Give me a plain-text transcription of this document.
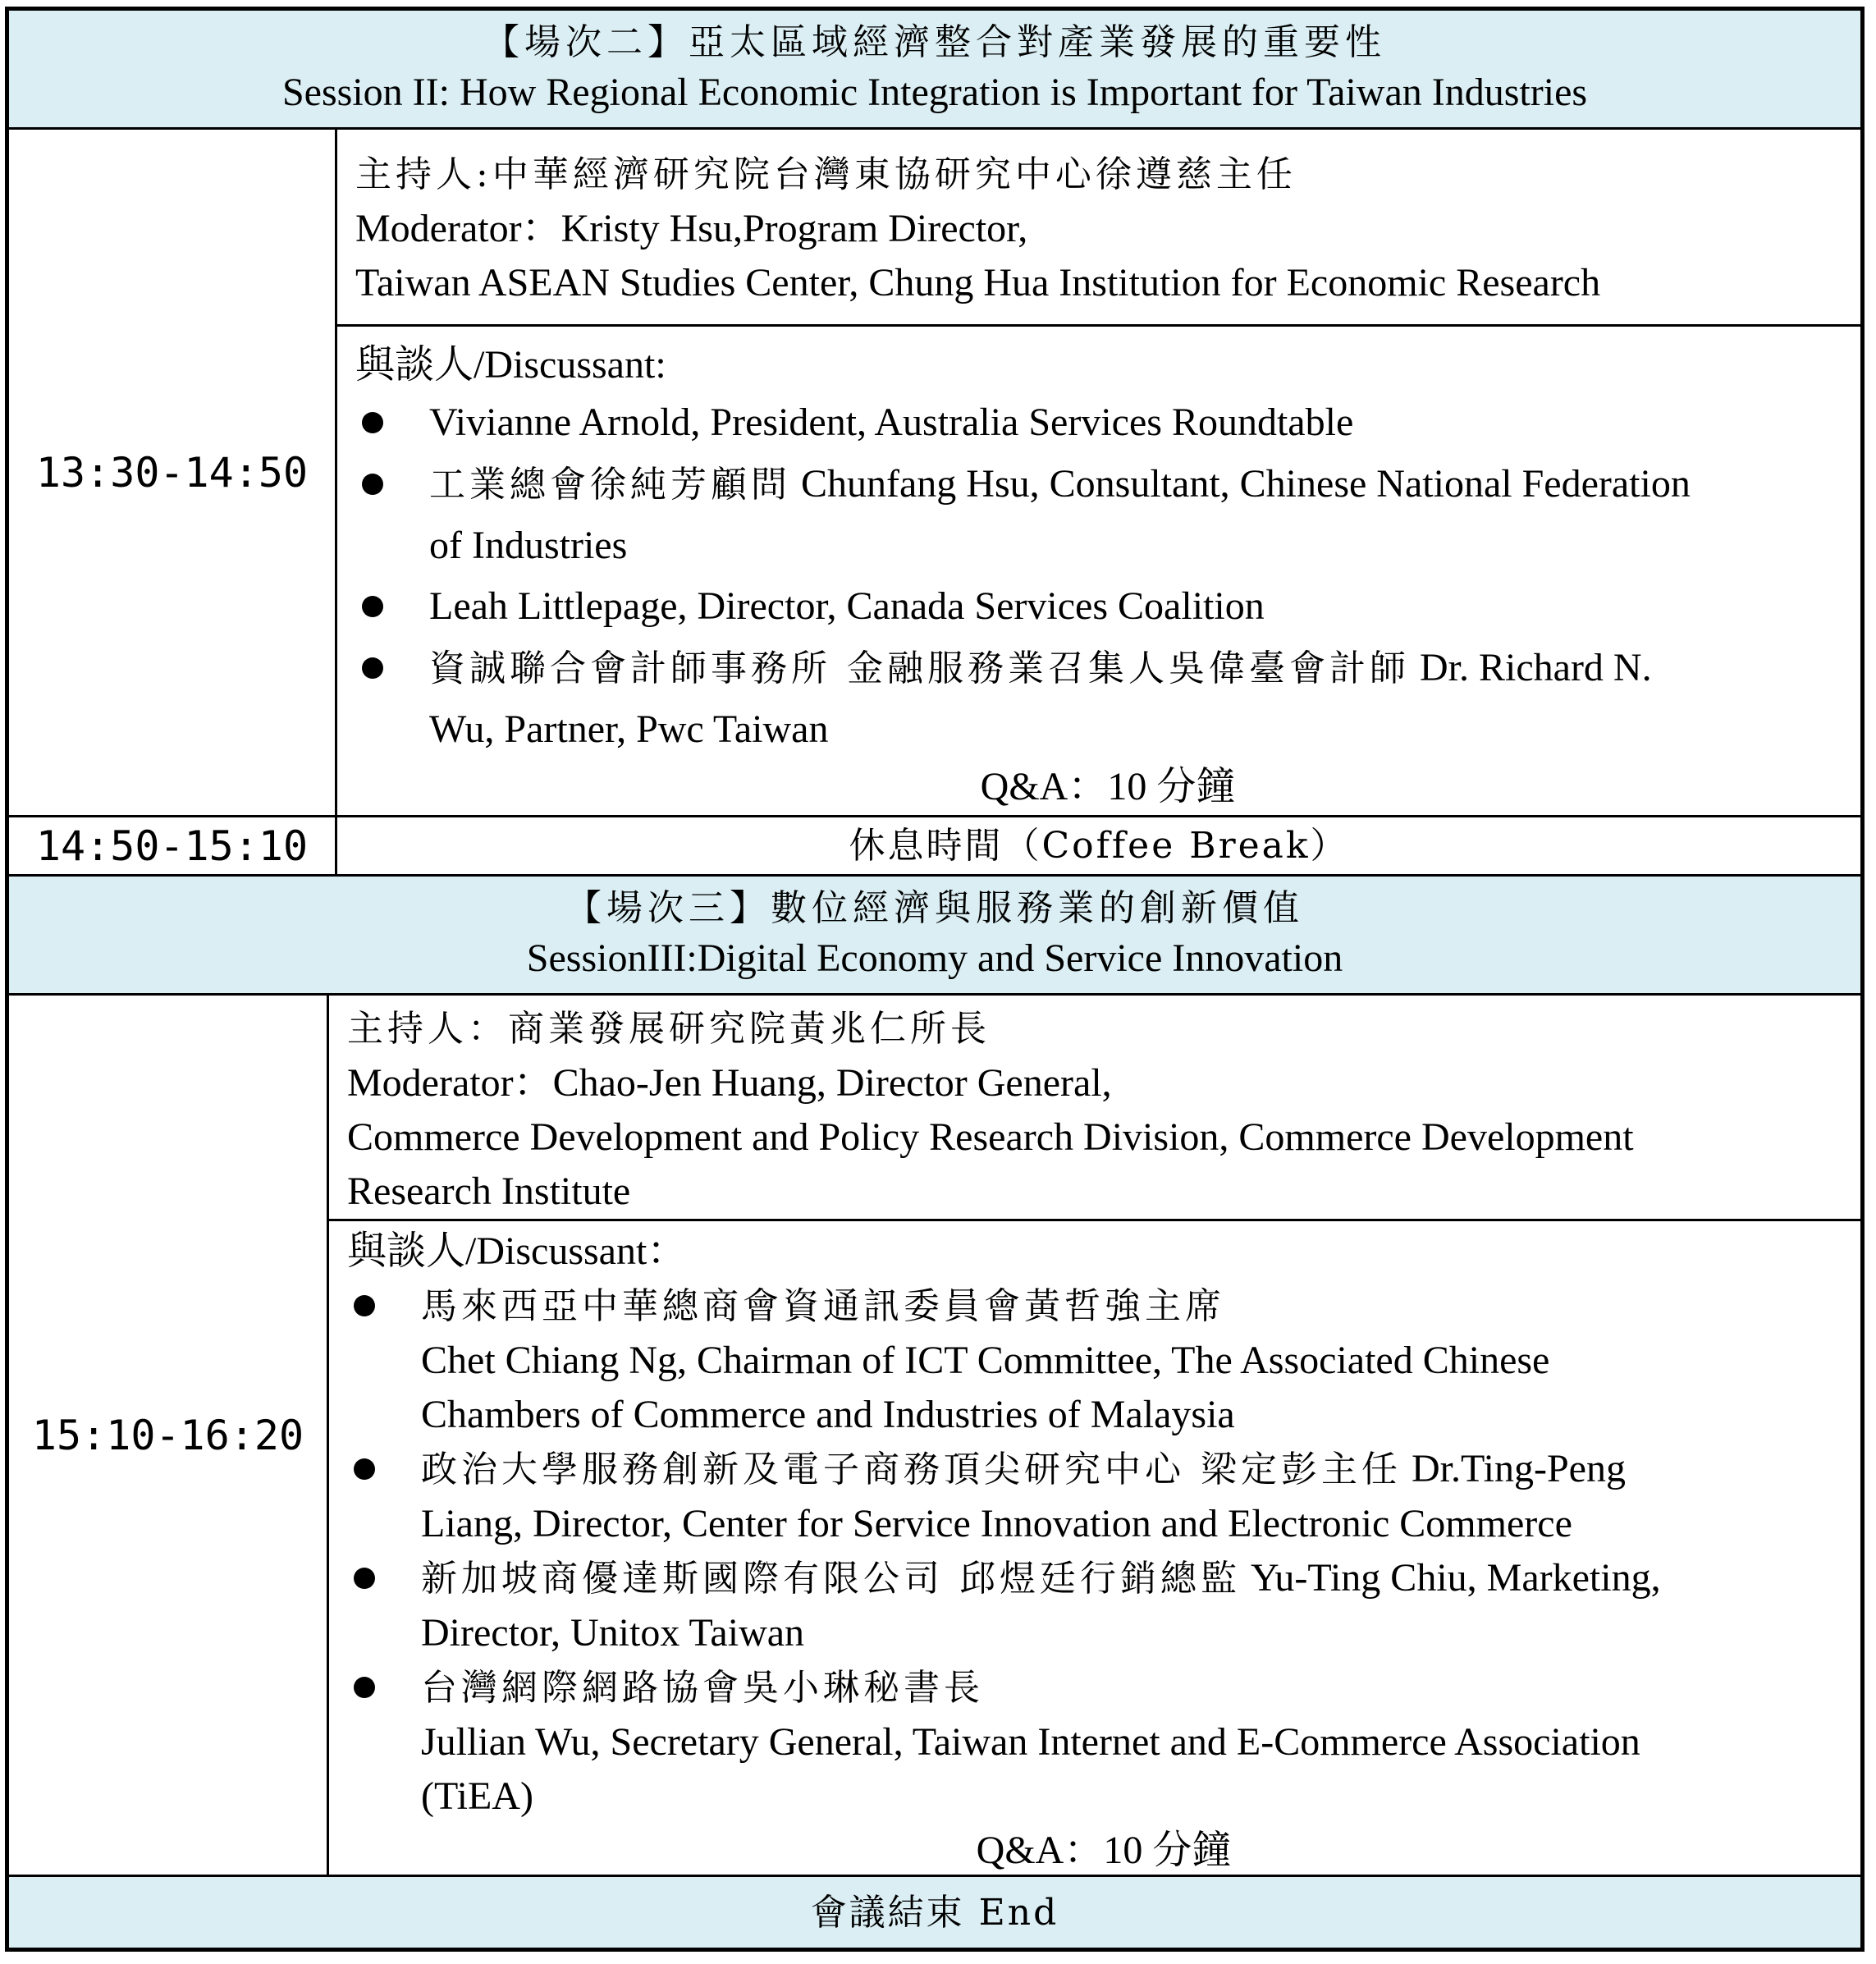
【場次二】亞太區域經濟整合對產業發展的重要性
Session II: How Regional Economic Integration is Important for Taiwan Industries
13:30-14:50
主持人:中華經濟研究院台灣東協研究中心徐遵慈主任
Moderator：Kristy Hsu,Program Director,
Taiwan ASEAN Studies Center, Chung Hua Institution for Economic Research
與談人/Discussant:
Vivianne Arnold, President, Australia Services Roundtable
工業總會徐純芳顧問 Chunfang Hsu, Consultant, Chinese National Federation
of Industries
Leah Littlepage, Director, Canada Services Coalition
資誠聯合會計師事務所 金融服務業召集人吳偉臺會計師 Dr. Richard N.
Wu, Partner, Pwc Taiwan
Q&A：10 分鐘
14:50-15:10	休息時間（Coffee Break）
【場次三】數位經濟與服務業的創新價值
SessionIII:Digital Economy and Service Innovation
15:10-16:20
主持人：商業發展研究院黃兆仁所長
Moderator：Chao-Jen Huang, Director General,
Commerce Development and Policy Research Division, Commerce Development
Research Institute
與談人/Discussant：
馬來西亞中華總商會資通訊委員會黃哲強主席
Chet Chiang Ng, Chairman of ICT Committee, The Associated Chinese
Chambers of Commerce and Industries of Malaysia
政治大學服務創新及電子商務頂尖研究中心 梁定彭主任 Dr.Ting-Peng
Liang, Director, Center for Service Innovation and Electronic Commerce
新加坡商優達斯國際有限公司 邱煜廷行銷總監 Yu-Ting Chiu, Marketing,
Director, Unitox Taiwan
台灣網際網路協會吳小琳秘書長
Jullian Wu, Secretary General, Taiwan Internet and E-Commerce Association
(TiEA)
Q&A：10 分鐘
會議結束 End
